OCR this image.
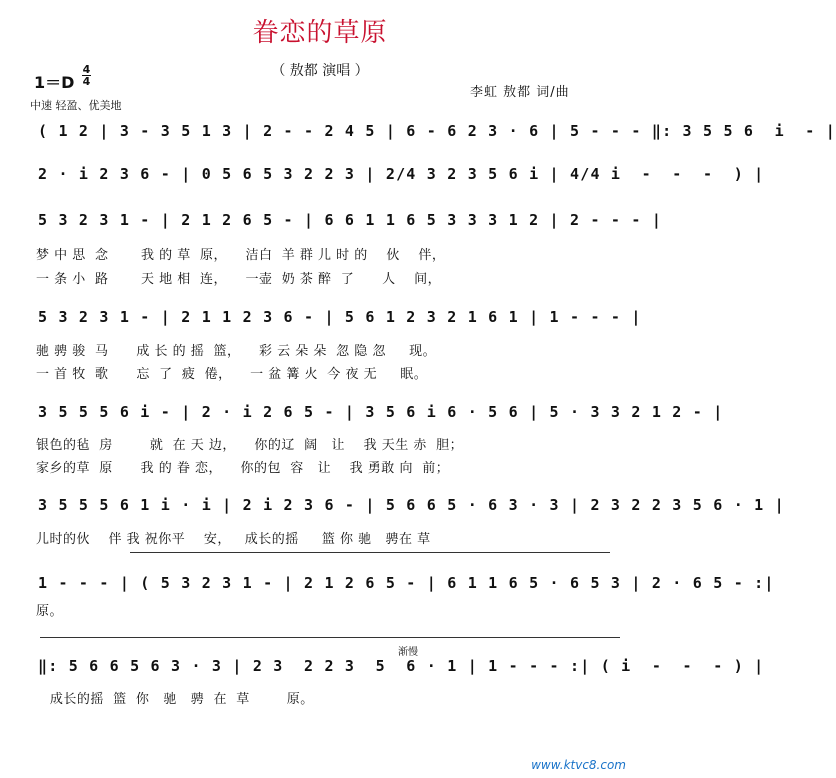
眷恋的草原
（ 敖都 演唱 ）
1＝D
4
4
中速 轻盈、优美地
李虹 敖都 词/曲
( 1 2 | 3 - 3 5 1 3 | 2 - - 2 4 5 | 6 - 6 2 3 · 6 | 5 - - - ‖: 3 5 5 6  i  - |
2 · i 2 3 6 - | 0 5 6 5 3 2 2 3 | 2/4 3 2 3 5 6 i | 4/4 i  -  -  -  ) |
5 3 2 3 1 - | 2 1 2 6 5 - | 6 6 1 1 6 5 3 3 3 1 2 | 2 - - - |
梦 中 思  念       我 的 草  原，    洁白  羊 群 儿 时 的    伙    伴，
一 条 小  路       天 地 相  连，    一壶  奶 茶 醉  了      人    间，
5 3 2 3 1 - | 2 1 1 2 3 6 - | 5 6 1 2 3 2 1 6 1 | 1 - - - |
驰 骋 骏  马      成 长 的 摇  篮，    彩 云 朵 朵  忽 隐 忽     现。
一 首 牧  歌      忘  了  疲  倦，    一 盆 篝 火  今 夜 无     眠。
3 5 5 5 6 i - | 2 · i 2 6 5 - | 3 5 6 i 6 · 5 6 | 5 · 3 3 2 1 2 - |
银色的毡  房        就  在 天 边，    你的辽  阔   让    我 天生 赤  胆；
家乡的草  原      我 的 眷 恋，    你的包  容   让    我 勇敢 向  前；
3 5 5 5 6 1 i · i | 2 i 2 3 6 - | 5 6 6 5 · 6 3 · 3 | 2 3 2 2 3 5 6 · 1 |
儿时的伙    伴 我 祝你平    安，   成长的摇     篮 你 驰   骋在 草
1 - - - | ( 5 3 2 3 1 - | 2 1 2 6 5 - | 6 1 1 6 5 · 6 5 3 | 2 · 6 5 - :|
原。
渐慢
‖: 5 6 6 5 6 3 · 3 | 2 3  2 2 3  5  6 · 1 | 1 - - - :| ( i  -  -  - ) |
成长的摇  篮  你   驰   骋  在  草        原。
www.ktvc8.com
